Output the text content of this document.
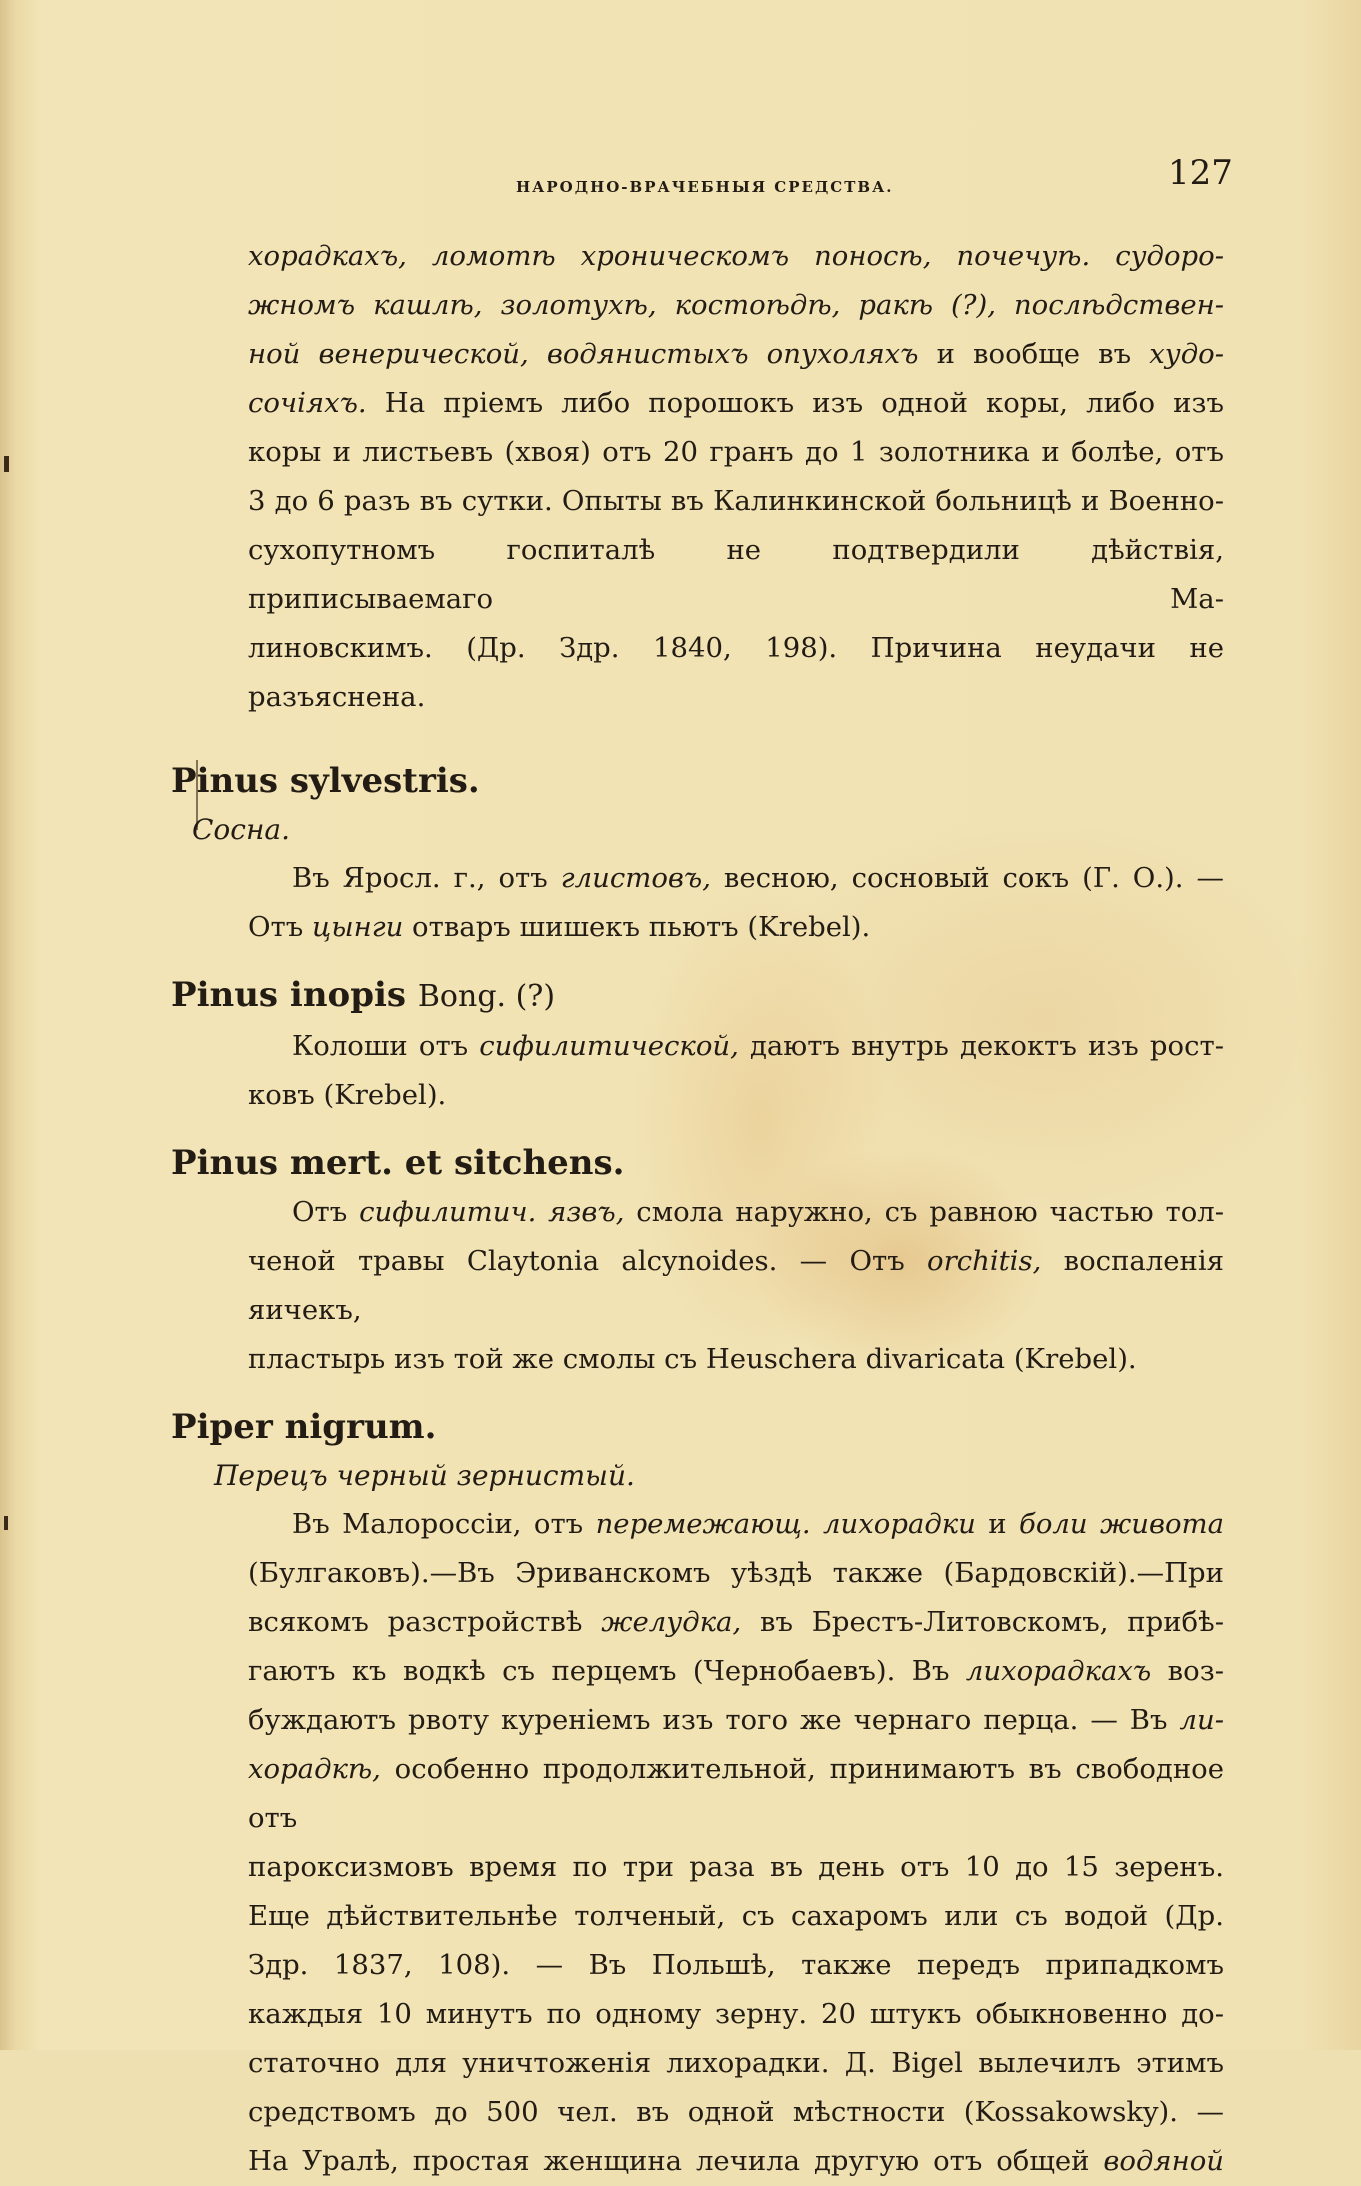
НАРОДНО-ВРАЧЕБНЫЯ СРЕДСТВА.	127
хорадкахъ, ломотѣ хроническомъ поносѣ, почечуѣ. судоро-
жномъ кашлѣ, золотухѣ, костоѣдѣ, ракѣ (?), послѣдствен-
ной венерической, водянистыхъ опухоляхъ и вообще въ худо-
сочіяхъ. На пріемъ либо порошокъ изъ одной коры, либо изъ
коры и листьевъ (хвоя) отъ 20 гранъ до 1 золотника и болѣе, отъ
3 до 6 разъ въ сутки. Опыты въ Калинкинской больницѣ и Военно-
сухопутномъ госпиталѣ не подтвердили дѣйствія, приписываемаго Ма-
линовскимъ. (Др. Здр. 1840, 198). Причина неудачи не разъяснена.
Pinus sylvestris.
Сосна.
Въ Яросл. г., отъ глистовъ, весною, сосновый сокъ (Г. О.). —
Отъ цынги отваръ шишекъ пьютъ (Krebel).
Pinus inopis Bong. (?)
Колоши отъ сифилитической, даютъ внутрь декоктъ изъ рост-
ковъ (Krebel).
Pinus mert. et sitchens.
Отъ сифилитич. язвъ, смола наружно, съ равною частью тол-
ченой травы Claytonia alcynoides. — Отъ orchitis, воспаленія яичекъ,
пластырь изъ той же смолы съ Heuschera divaricata (Krebel).
Piper nigrum.
Перецъ черный зернистый.
Въ Малороссіи, отъ перемежающ. лихорадки и боли живота
(Булгаковъ).—Въ Эриванскомъ уѣздѣ также (Бардовскій).—При
всякомъ разстройствѣ желудка, въ Брестъ-Литовскомъ, прибѣ-
гаютъ къ водкѣ съ перцемъ (Чернобаевъ). Въ лихорадкахъ воз-
буждаютъ рвоту куреніемъ изъ того же чернаго перца. — Въ ли-
хорадкѣ, особенно продолжительной, принимаютъ въ свободное отъ
пароксизмовъ время по три раза въ день отъ 10 до 15 зеренъ.
Еще дѣйствительнѣе толченый, съ сахаромъ или съ водой (Др.
Здр. 1837, 108). — Въ Польшѣ, также передъ припадкомъ
каждыя 10 минутъ по одному зерну. 20 штукъ обыкновенно до-
статочно для уничтоженія лихорадки. Д. Bigel вылечилъ этимъ
средствомъ до 500 чел. въ одной мѣстности (Kossakowsky). —
На Уралѣ, простая женщина лечила другую отъ общей водяной
